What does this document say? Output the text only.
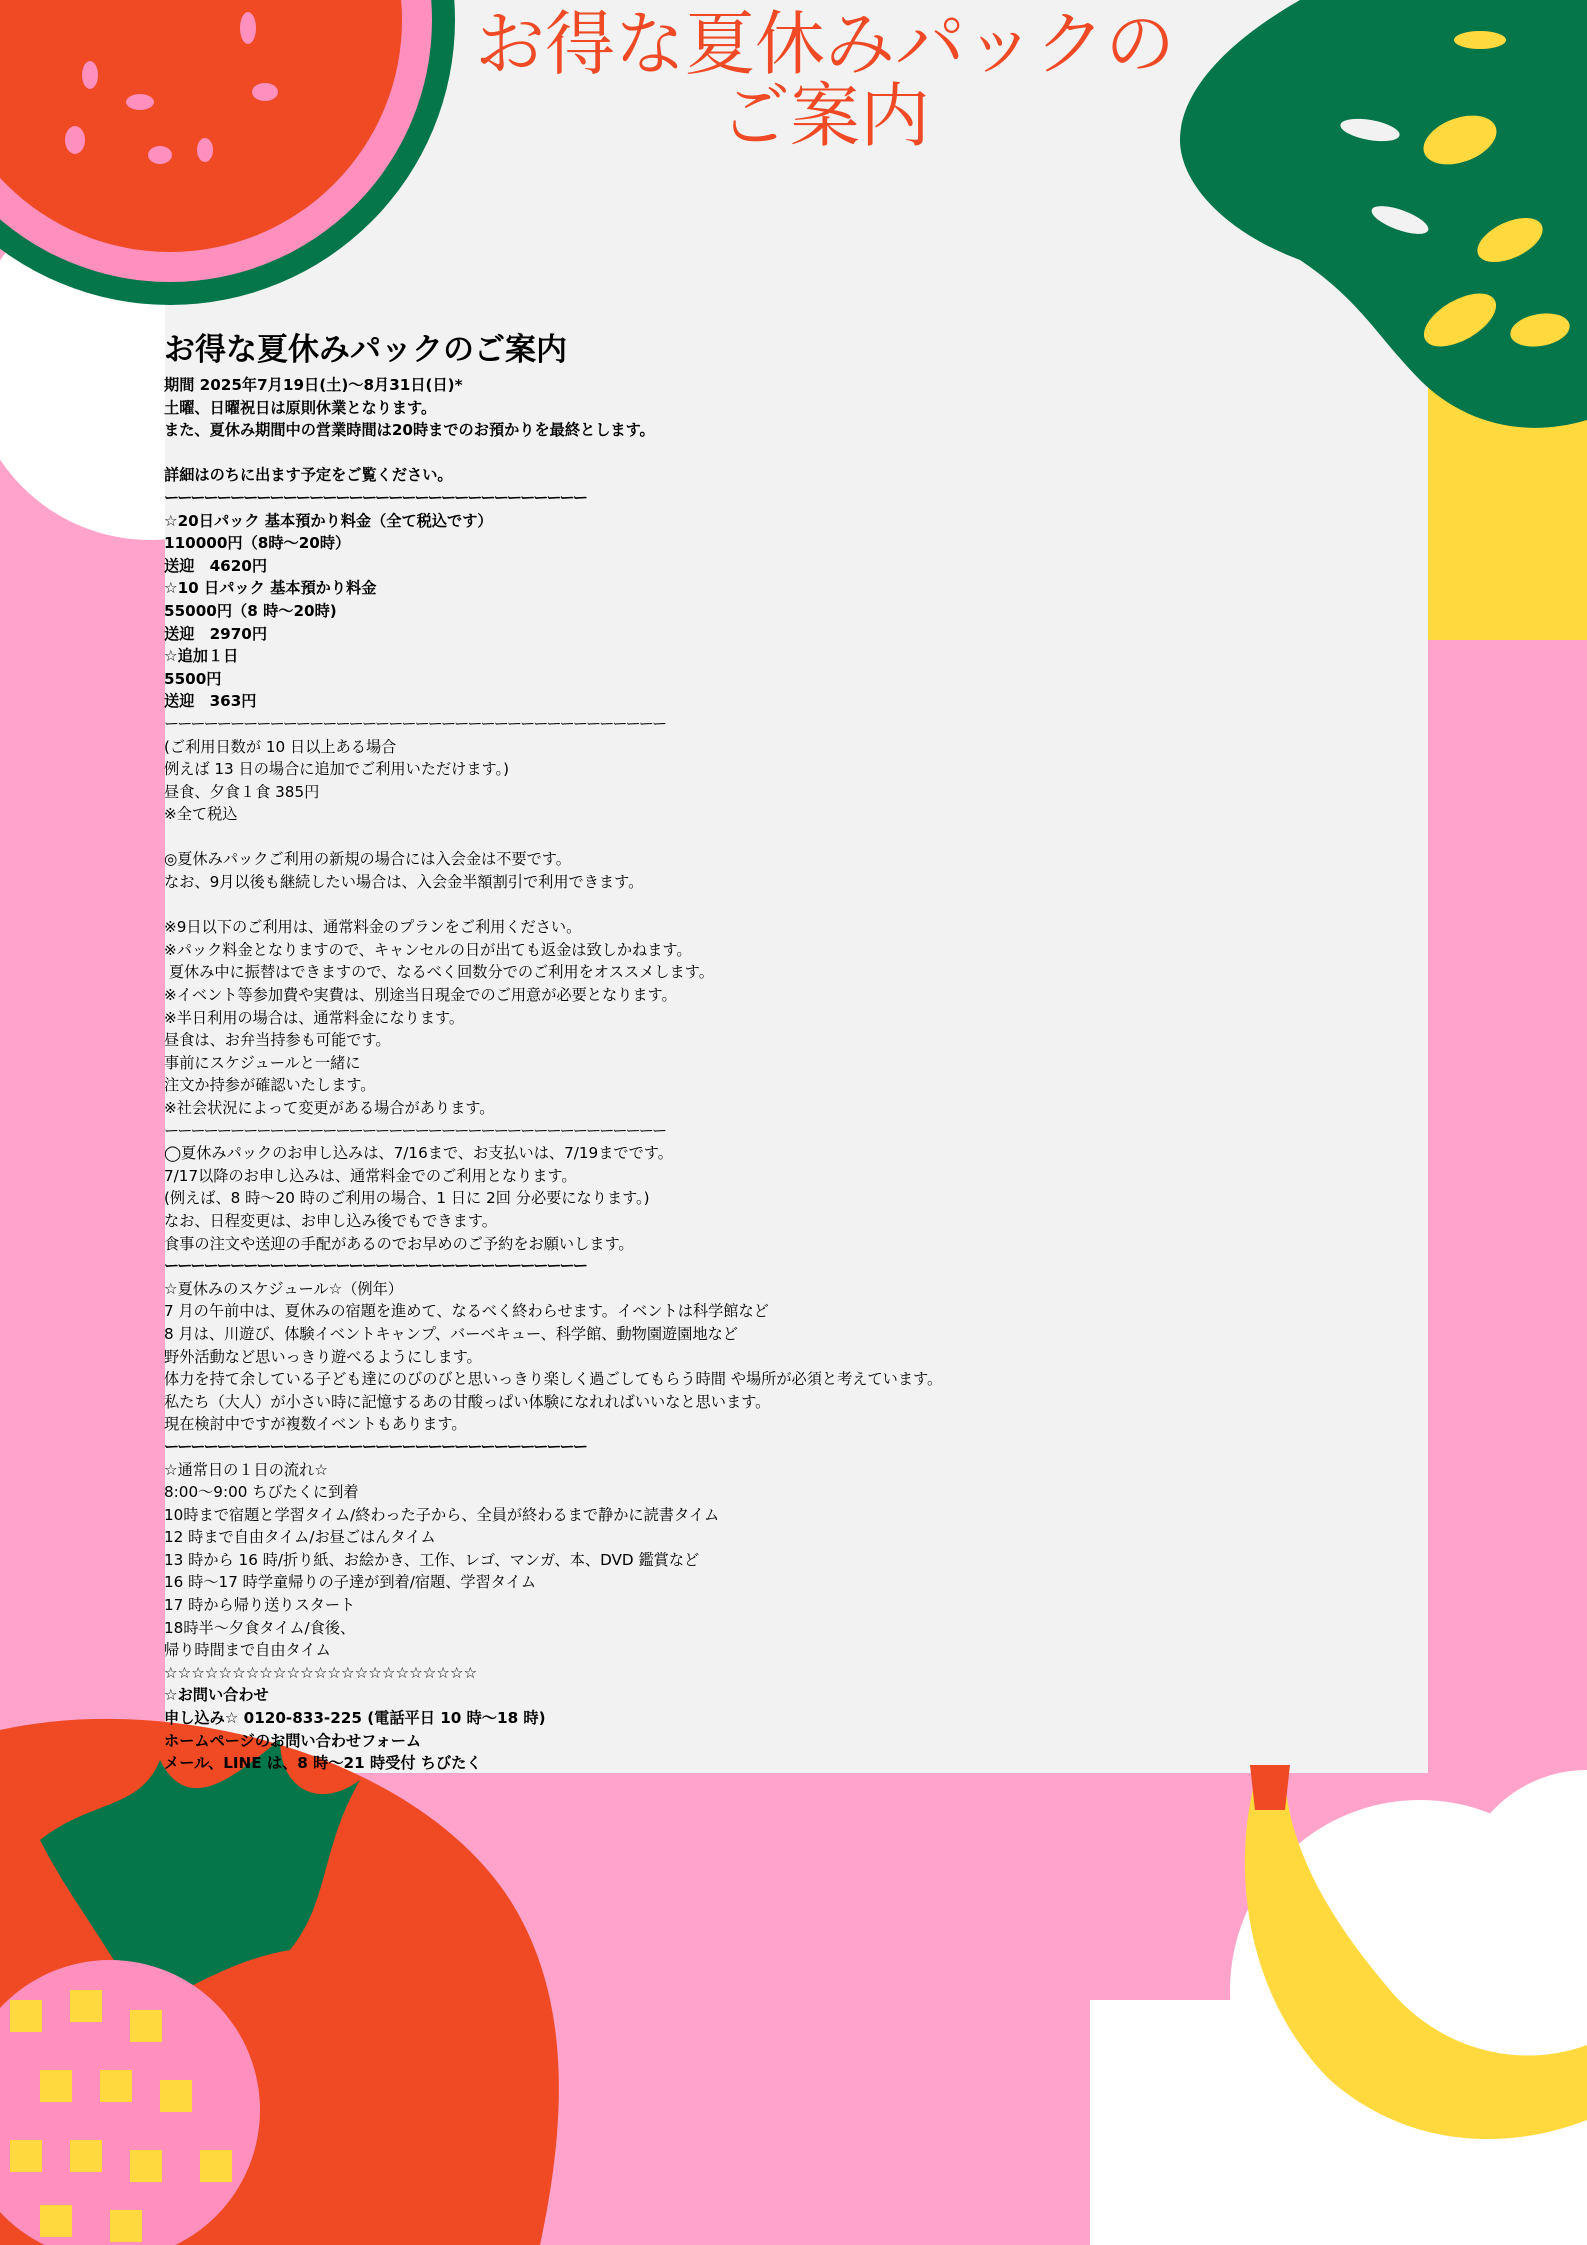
お得な夏休みパックの
ご案内
お得な夏休みパックのご案内
期間 2025年7月19日(土)〜8月31日(日)*
土曜、日曜祝日は原則休業となります。
また、夏休み期間中の営業時間は20時までのお預かりを最終とします。
詳細はのちに出ます予定をご覧ください。
ーーーーーーーーーーーーーーーーーーーーーーーーーーーーーーーー
☆20日パック 基本預かり料金（全て税込です）
110000円（8時〜20時）
送迎　4620円
☆10 日パック 基本預かり料金
55000円（8 時〜20時)
送迎　2970円
☆追加１日
5500円
送迎　363円
ーーーーーーーーーーーーーーーーーーーーーーーーーーーーーーーーーーーーーー
(ご利用日数が 10 日以上ある場合
例えば 13 日の場合に追加でご利用いただけます。)
昼食、夕食１食 385円
※全て税込
◎夏休みパックご利用の新規の場合には入会金は不要です。
なお、9月以後も継続したい場合は、入会金半額割引で利用できます。
※9日以下のご利用は、通常料金のプランをご利用ください。
※パック料金となりますので、キャンセルの日が出ても返金は致しかねます。
夏休み中に振替はできますので、なるべく回数分でのご利用をオススメします。
※イベント等参加費や実費は、別途当日現金でのご用意が必要となります。
※半日利用の場合は、通常料金になります。
昼食は、お弁当持参も可能です。
事前にスケジュールと一緒に
注文か持参が確認いたします。
※社会状況によって変更がある場合があります。
ーーーーーーーーーーーーーーーーーーーーーーーーーーーーーーーーーーーーーー
◯夏休みパックのお申し込みは、7/16まで、お支払いは、7/19までです。
7/17以降のお申し込みは、通常料金でのご利用となります。
(例えば、8 時〜20 時のご利用の場合、1 日に 2回 分必要になります。)
なお、日程変更は、お申し込み後でもできます。
食事の注文や送迎の手配があるのでお早めのご予約をお願いします。
ーーーーーーーーーーーーーーーーーーーーーーーーーーーーーーーー
☆夏休みのスケジュール☆（例年）
7 月の午前中は、夏休みの宿題を進めて、なるべく終わらせます。イベントは科学館など
8 月は、川遊び、体験イベントキャンプ、バーベキュー、科学館、動物園遊園地など
野外活動など思いっきり遊べるようにします。
体力を持て余している子ども達にのびのびと思いっきり楽しく過ごしてもらう時間 や場所が必須と考えています。
私たち（大人）が小さい時に記憶するあの甘酸っぱい体験になれればいいなと思います。
現在検討中ですが複数イベントもあります。
ーーーーーーーーーーーーーーーーーーーーーーーーーーーーーーーー
☆通常日の１日の流れ☆
8:00〜9:00 ちびたくに到着
10時まで宿題と学習タイム/終わった子から、全員が終わるまで静かに読書タイム
12 時まで自由タイム/お昼ごはんタイム
13 時から 16 時/折り紙、お絵かき、工作、レゴ、マンガ、本、DVD 鑑賞など
16 時〜17 時学童帰りの子達が到着/宿題、学習タイム
17 時から帰り送りスタート
18時半〜夕食タイム/食後、
帰り時間まで自由タイム
☆☆☆☆☆☆☆☆☆☆☆☆☆☆☆☆☆☆☆☆☆☆☆
☆お問い合わせ
申し込み☆ 0120-833-225 (電話平日 10 時〜18 時)
ホームページのお問い合わせフォーム
メール、LINE は、8 時〜21 時受付 ちびたく
